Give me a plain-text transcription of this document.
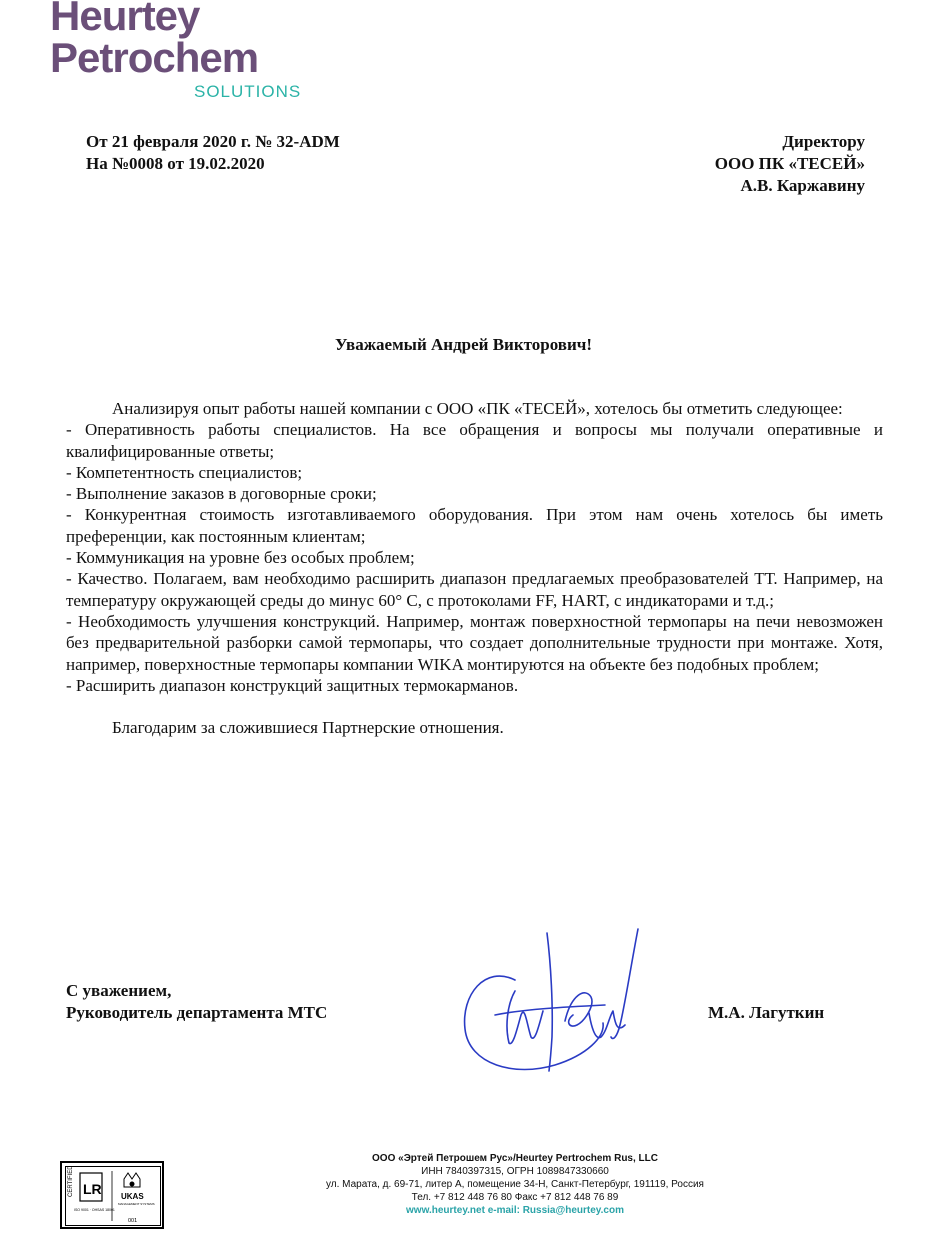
Heurtey
Petrochem
SOLUTIONS
От 21 февраля 2020 г. № 32-ADM
На №0008 от 19.02.2020
Директору
ООО ПК «ТЕСЕЙ»
А.В. Каржавину
Уважаемый Андрей Викторович!

Анализируя опыт работы нашей компании с ООО «ПК «ТЕСЕЙ», хотелось бы отметить следующее:

- Оперативность работы специалистов. На все обращения и вопросы мы получали оперативные и квалифицированные ответы;

- Компетентность специалистов;

- Выполнение заказов в договорные сроки;

- Конкурентная стоимость изготавливаемого оборудования. При этом нам очень хотелось бы иметь преференции, как постоянным клиентам;

- Коммуникация на уровне без особых проблем;

- Качество. Полагаем, вам необходимо расширить диапазон предлагаемых преобразователей ТТ. Например, на температуру окружающей среды до минус 60° С, с протоколами FF, HART, с индикаторами и т.д.;

- Необходимость улучшения конструкций. Например, монтаж поверхностной термопары на печи невозможен без предварительной разборки самой термопары, что создает дополнительные трудности при монтаже. Хотя, например, поверхностные термопары компании WIKA монтируются на объекте без подобных проблем;

- Расширить диапазон конструкций защитных термокарманов.

Благодарим за сложившиеся Партнерские отношения.

С уважением,
Руководитель департамента МТС	М.А. Лагуткин
CERTIFIED LR
ISO 9001 · OHSAS 18001
UKAS
MANAGEMENT SYSTEMS
001
ООО «Эртей Петрошем Рус»/Heurtey Pertrochem Rus, LLC
ИНН 7840397315, ОГРН 1089847330660
ул. Марата, д. 69-71, литер А, помещение 34-Н, Санкт-Петербург, 191119, Россия
Тел. +7 812 448 76 80 Факс +7 812 448 76 89
www.heurtey.net e-mail: Russia@heurtey.com
